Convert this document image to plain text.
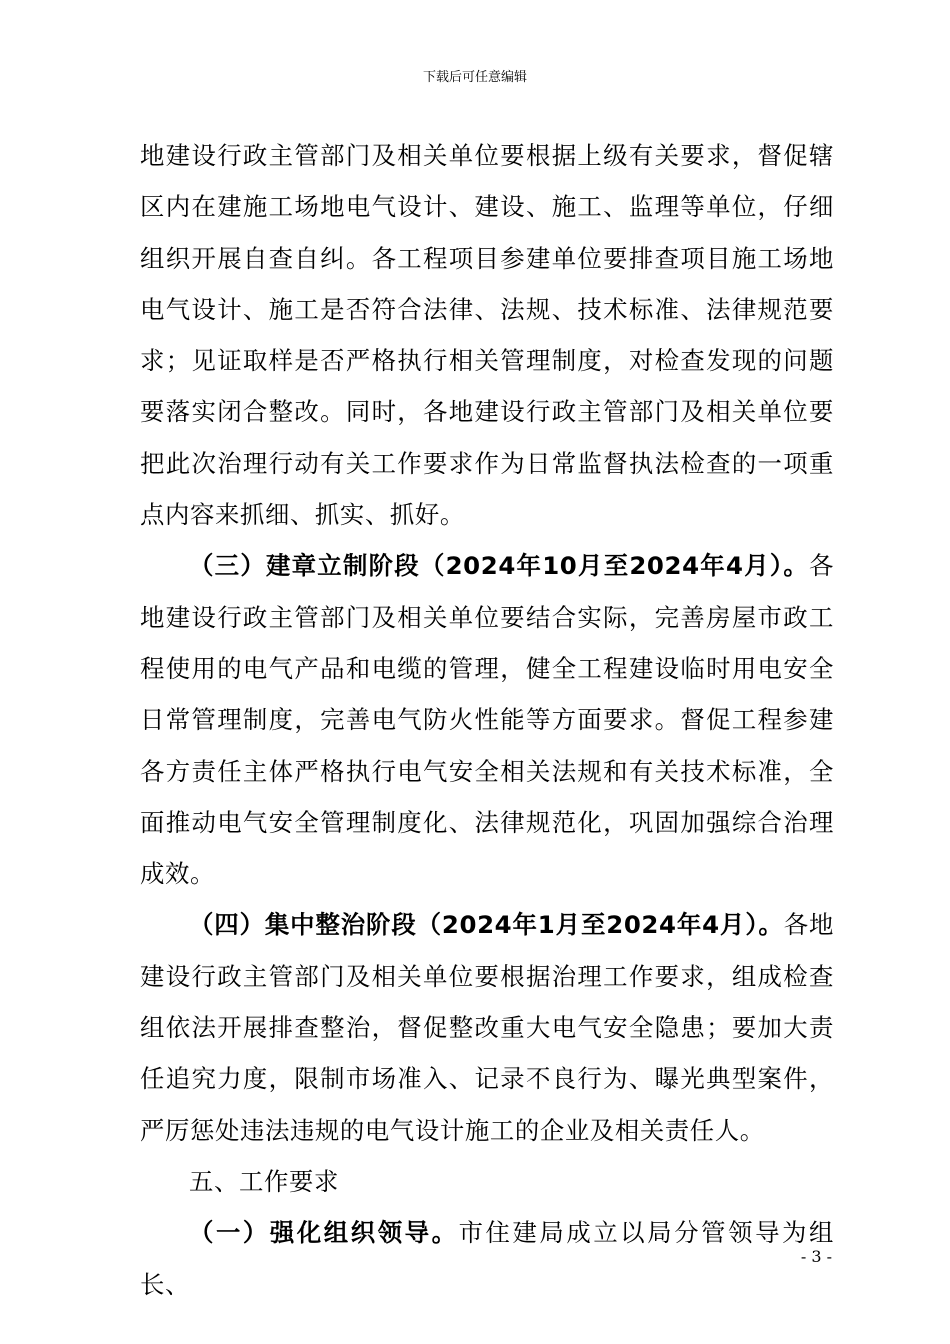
下载后可任意编辑

地建设行政主管部门及相关单位要根据上级有关要求，督促辖区内在建施工场地电气设计、建设、施工、监理等单位，仔细组织开展自查自纠。各工程项目参建单位要排查项目施工场地电气设计、施工是否符合法律、法规、技术标准、法律规范要求；见证取样是否严格执行相关管理制度，对检查发现的问题要落实闭合整改。同时，各地建设行政主管部门及相关单位要把此次治理行动有关工作要求作为日常监督执法检查的一项重点内容来抓细、抓实、抓好。

（三）建章立制阶段（2024年10月至2024年4月）。各地建设行政主管部门及相关单位要结合实际，完善房屋市政工程使用的电气产品和电缆的管理，健全工程建设临时用电安全日常管理制度，完善电气防火性能等方面要求。督促工程参建各方责任主体严格执行电气安全相关法规和有关技术标准，全面推动电气安全管理制度化、法律规范化，巩固加强综合治理成效。

（四）集中整治阶段（2024年1月至2024年4月）。各地建设行政主管部门及相关单位要根据治理工作要求，组成检查组依法开展排查整治，督促整改重大电气安全隐患；要加大责任追究力度，限制市场准入、记录不良行为、曝光典型案件，严厉惩处违法违规的电气设计施工的企业及相关责任人。

五、工作要求

（一）强化组织领导。市住建局成立以局分管领导为组长、

- 3 -
